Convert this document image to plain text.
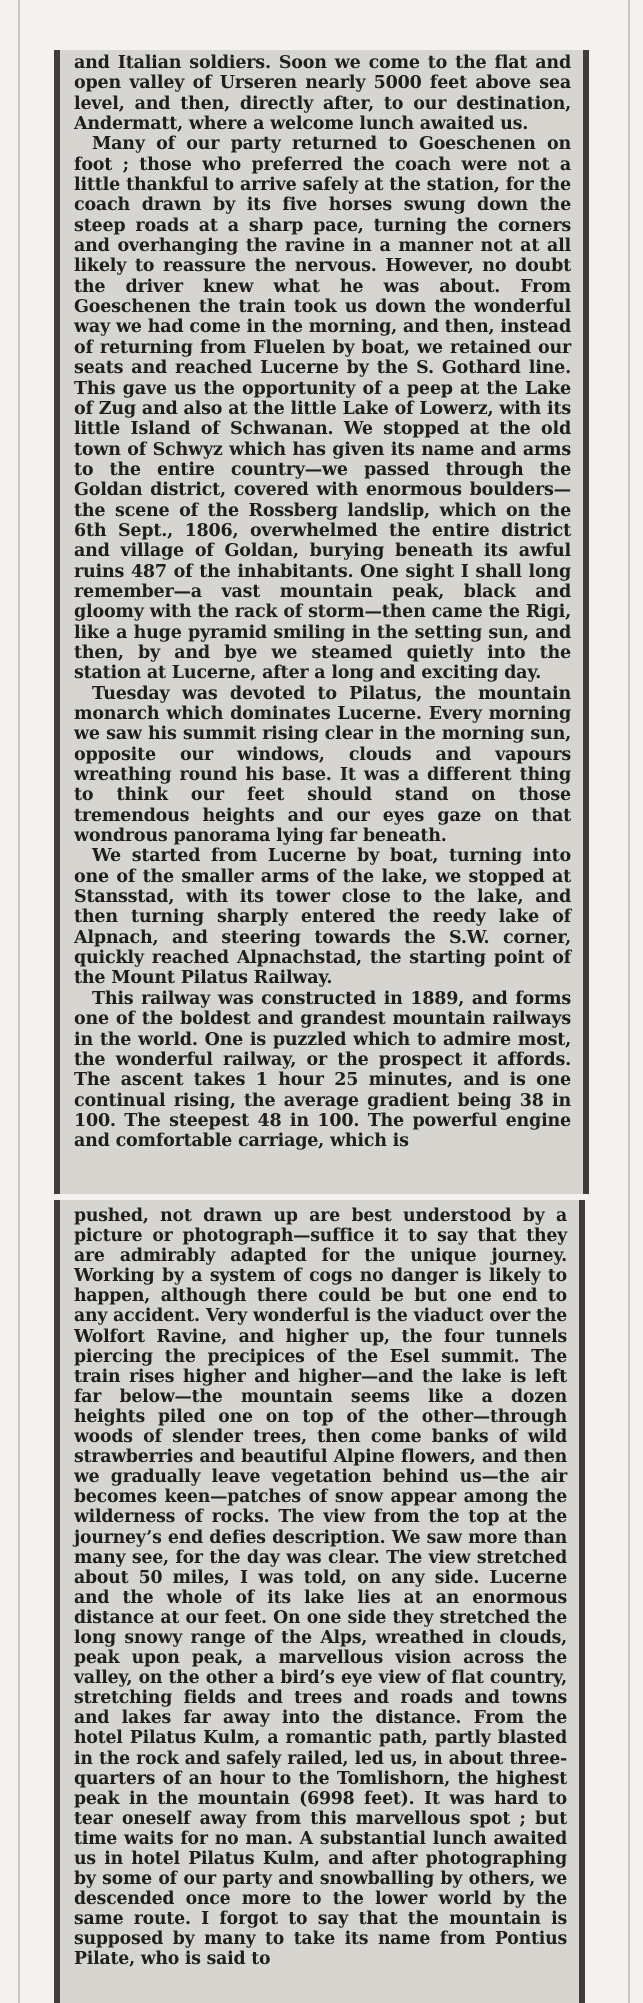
and Italian soldiers. Soon we come to the flat and open valley of Urseren nearly 5000 feet above sea level, and then, directly after, to our destination, Andermatt, where a welcome lunch awaited us.

Many of our party returned to Goeschenen on foot ; those who preferred the coach were not a little thankful to arrive safely at the station, for the coach drawn by its five horses swung down the steep roads at a sharp pace, turning the corners and overhanging the ravine in a manner not at all likely to reassure the nervous. However, no doubt the driver knew what he was about. From Goeschenen the train took us down the wonderful way we had come in the morning, and then, instead of returning from Fluelen by boat, we retained our seats and reached Lucerne by the S. Gothard line. This gave us the opportunity of a peep at the Lake of Zug and also at the little Lake of Lowerz, with its little Island of Schwanan. We stopped at the old town of Schwyz which has given its name and arms to the entire country—we passed through the Goldan district, covered with enormous boulders—the scene of the Rossberg landslip, which on the 6th Sept., 1806, overwhelmed the entire district and village of Goldan, burying beneath its awful ruins 487 of the inhabitants. One sight I shall long remember—a vast mountain peak, black and gloomy with the rack of storm—then came the Rigi, like a huge pyramid smiling in the setting sun, and then, by and bye we steamed quietly into the station at Lucerne, after a long and exciting day.

Tuesday was devoted to Pilatus, the mountain monarch which dominates Lucerne. Every morning we saw his summit rising clear in the morning sun, opposite our windows, clouds and vapours wreathing round his base. It was a different thing to think our feet should stand on those tremendous heights and our eyes gaze on that wondrous panorama lying far beneath.

We started from Lucerne by boat, turning into one of the smaller arms of the lake, we stopped at Stansstad, with its tower close to the lake, and then turning sharply entered the reedy lake of Alpnach, and steering towards the S.W. corner, quickly reached Alpnachstad, the starting point of the Mount Pilatus Railway.

This railway was constructed in 1889, and forms one of the boldest and grandest mountain railways in the world. One is puzzled which to admire most, the wonderful railway, or the prospect it affords. The ascent takes 1 hour 25 minutes, and is one continual rising, the average gradient being 38 in 100. The steepest 48 in 100. The powerful engine and comfortable carriage, which is

pushed, not drawn up are best understood by a picture or photograph—suffice it to say that they are admirably adapted for the unique journey. Working by a system of cogs no danger is likely to happen, although there could be but one end to any accident. Very wonderful is the viaduct over the Wolfort Ravine, and higher up, the four tunnels piercing the precipices of the Esel summit. The train rises higher and higher—and the lake is left far below—the mountain seems like a dozen heights piled one on top of the other—through woods of slender trees, then come banks of wild strawberries and beautiful Alpine flowers, and then we gradually leave vegetation behind us—the air becomes keen—patches of snow appear among the wilderness of rocks. The view from the top at the journey’s end defies description. We saw more than many see, for the day was clear. The view stretched about 50 miles, I was told, on any side. Lucerne and the whole of its lake lies at an enormous distance at our feet. On one side they stretched the long snowy range of the Alps, wreathed in clouds, peak upon peak, a marvellous vision across the valley, on the other a bird’s eye view of flat country, stretching fields and trees and roads and towns and lakes far away into the distance. From the hotel Pilatus Kulm, a romantic path, partly blasted in the rock and safely railed, led us, in about three-quarters of an hour to the Tomlishorn, the highest peak in the mountain (6998 feet). It was hard to tear oneself away from this marvellous spot ; but time waits for no man. A substantial lunch awaited us in hotel Pilatus Kulm, and after photographing by some of our party and snowballing by others, we descended once more to the lower world by the same route. I forgot to say that the mountain is supposed by many to take its name from Pontius Pilate, who is said to
